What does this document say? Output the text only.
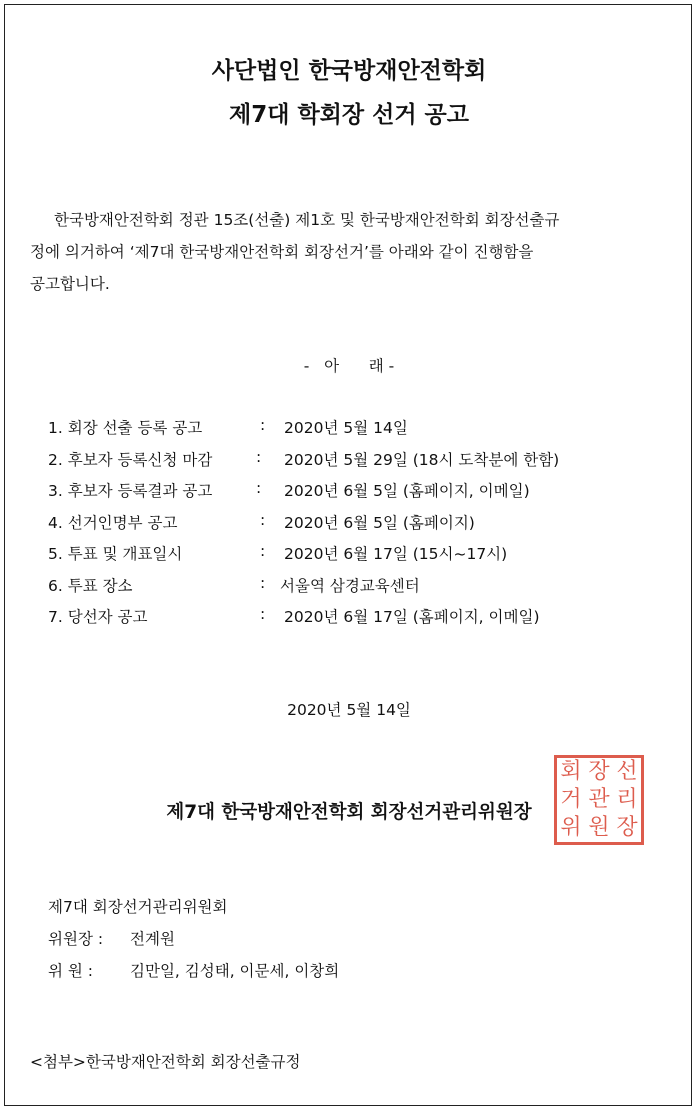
사단법인 한국방재안전학회
제7대 학회장 선거 공고
한국방재안전학회 정관 15조(선출) 제1호 및 한국방재안전학회 회장선출규
정에 의거하여 ‘제7대 한국방재안전학회 회장선거’를 아래와 같이 진행함을
공고합니다.
-   아      래 -
1. 회장 선출 등록 공고	: 2020년 5월 14일
2. 후보자 등록신청 마감	: 2020년 5월 29일 (18시 도착분에 한함)
3. 후보자 등록결과 공고	: 2020년 6월 5일 (홈페이지, 이메일)
4. 선거인명부 공고	: 2020년 6월 5일 (홈페이지)
5. 투표 및 개표일시	: 2020년 6월 17일 (15시~17시)
6. 투표 장소	: 서울역 삼경교육센터
7. 당선자 공고	: 2020년 6월 17일 (홈페이지, 이메일)
2020년 5월 14일
제7대 한국방재안전학회 회장선거관리위원장
회 장 선
거 관 리
위 원 장
제7대 회장선거관리위원회
위원장 : 전계원
위 원 : 김만일, 김성태, 이문세, 이창희
<첨부>한국방재안전학회 회장선출규정
